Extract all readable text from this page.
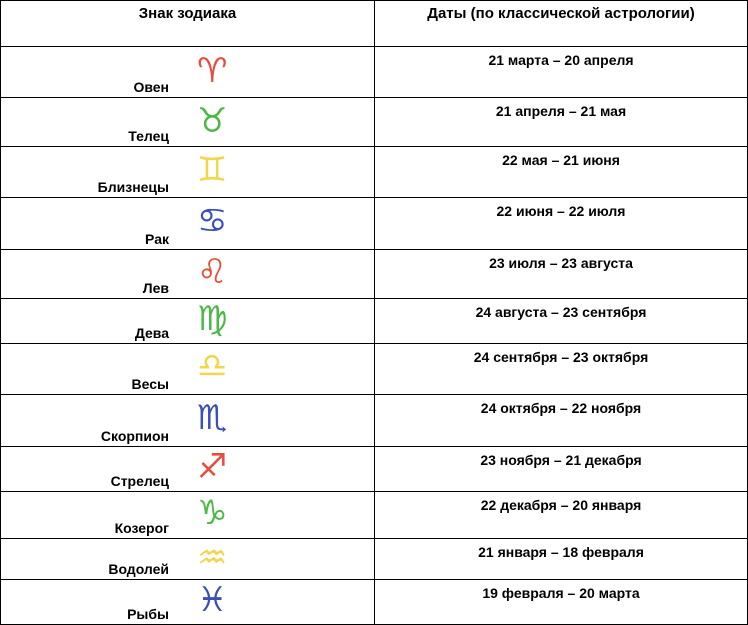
Знак зодиака	Даты (по классической астрологии)

Овен ♈	21 марта – 20 апреля

Телец ♉	21 апреля – 21 мая

Близнецы ♊	22 мая – 21 июня

Рак ♋	22 июня – 22 июля

Лев ♌	23 июля – 23 августа

Дева ♍	24 августа – 23 сентября

Весы ♎	24 сентября – 23 октября

Скорпион ♏	24 октября – 22 ноября

Стрелец ♐	23 ноября – 21 декабря

Козерог ♑	22 декабря – 20 января

Водолей ♒	21 января – 18 февраля

Рыбы ♓	19 февраля – 20 марта
